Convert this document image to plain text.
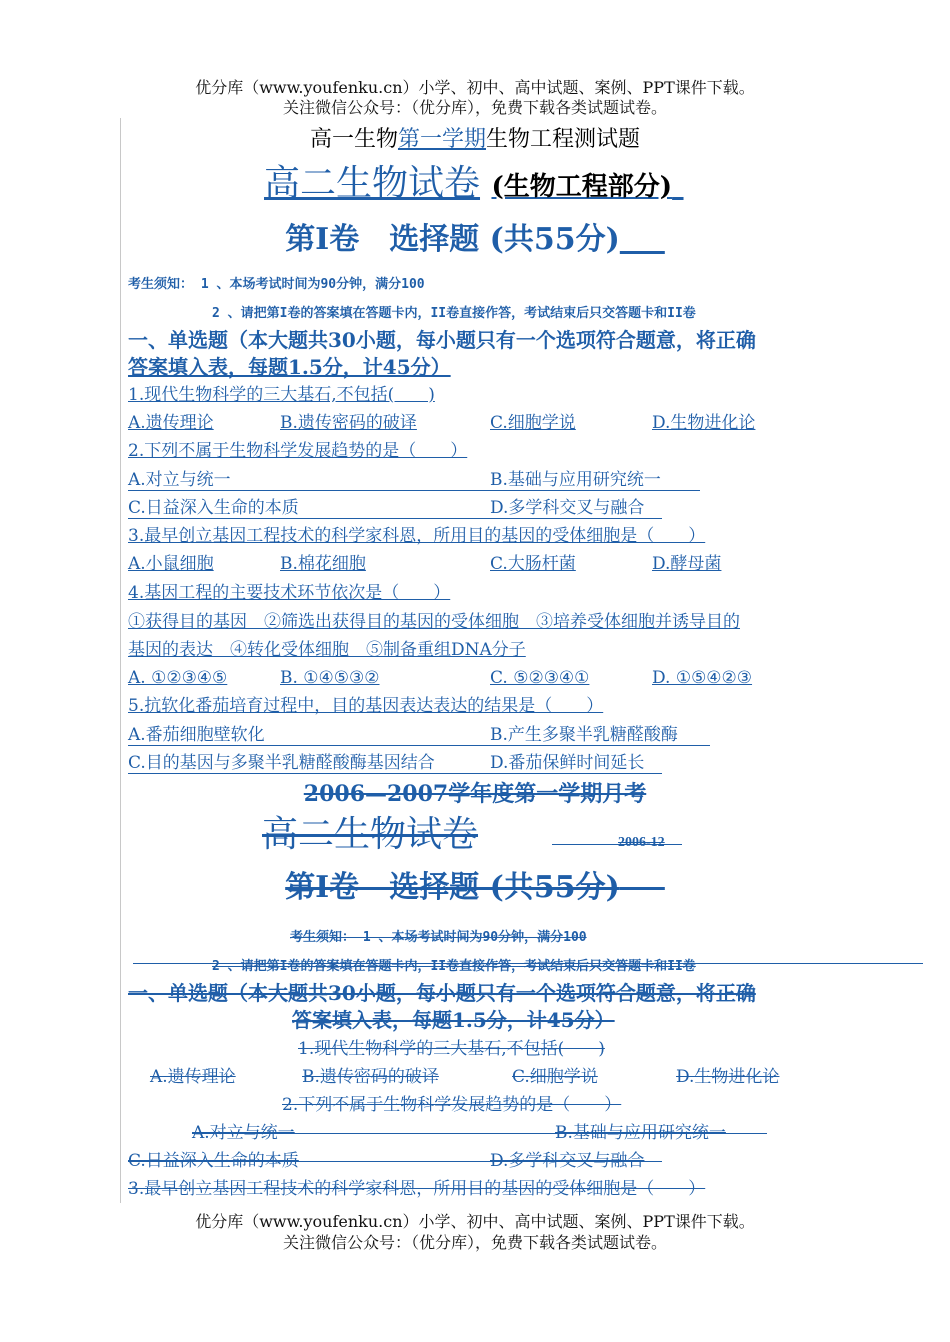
优分库（www.youfenku.cn）小学、初中、高中试题、案例、PPT课件下载。
关注微信公众号：（优分库），免费下载各类试题试卷。
高一生物第一学期生物工程测试题
高二生物试卷 (生物工程部分)
第I卷　选择题 (共55分)  
考生须知： 1 、本场考试时间为90分钟，满分100
2 、请把第I卷的答案填在答题卡内，II卷直接作答，考试结束后只交答题卡和II卷
一、单选题（本大题共30小题，每小题只有一个选项符合题意，将正确
答案填入表，每题1.5分，计45分）
1.现代生物科学的三大基石,不包括(　　)
A.遗传理论	B.遗传密码的破译	C.细胞学说	D.生物进化论
2.下列不属于生物科学发展趋势的是（　　）
A.对立与统一	B.基础与应用研究统一
C.日益深入生命的本质	D.多学科交叉与融合
3.最早创立基因工程技术的科学家科恩，所用目的基因的受体细胞是（　　）
A.小鼠细胞	B.棉花细胞	C.大肠杆菌	D.酵母菌
4.基因工程的主要技术环节依次是（　　）
①获得目的基因　②筛选出获得目的基因的受体细胞　③培养受体细胞并诱导目的
基因的表达　④转化受体细胞　⑤制备重组DNA分子
A. ①②③④⑤	B. ①④⑤③②	C. ⑤②③④①	D. ①⑤④②③
5.抗软化番茄培育过程中，目的基因表达表达的结果是（　　）
A.番茄细胞壁软化	B.产生多聚半乳糖醛酸酶
C.目的基因与多聚半乳糖醛酸酶基因结合	D.番茄保鲜时间延长
2006—2007学年度第一学期月考
高二生物试卷	2006-12
第I卷　选择题 (共55分)  
考生须知： 1 、本场考试时间为90分钟，满分100
2 、请把第I卷的答案填在答题卡内，II卷直接作答，考试结束后只交答题卡和II卷
一、单选题（本大题共30小题，每小题只有一个选项符合题意，将正确
答案填入表，每题1.5分，计45分）
1.现代生物科学的三大基石,不包括(　　)
A.遗传理论	B.遗传密码的破译	C.细胞学说	D.生物进化论
2.下列不属于生物科学发展趋势的是（　　）
A.对立与统一	B.基础与应用研究统一
C.日益深入生命的本质	D.多学科交叉与融合
3.最早创立基因工程技术的科学家科恩，所用目的基因的受体细胞是（　　）
优分库（www.youfenku.cn）小学、初中、高中试题、案例、PPT课件下载。
关注微信公众号：（优分库），免费下载各类试题试卷。
